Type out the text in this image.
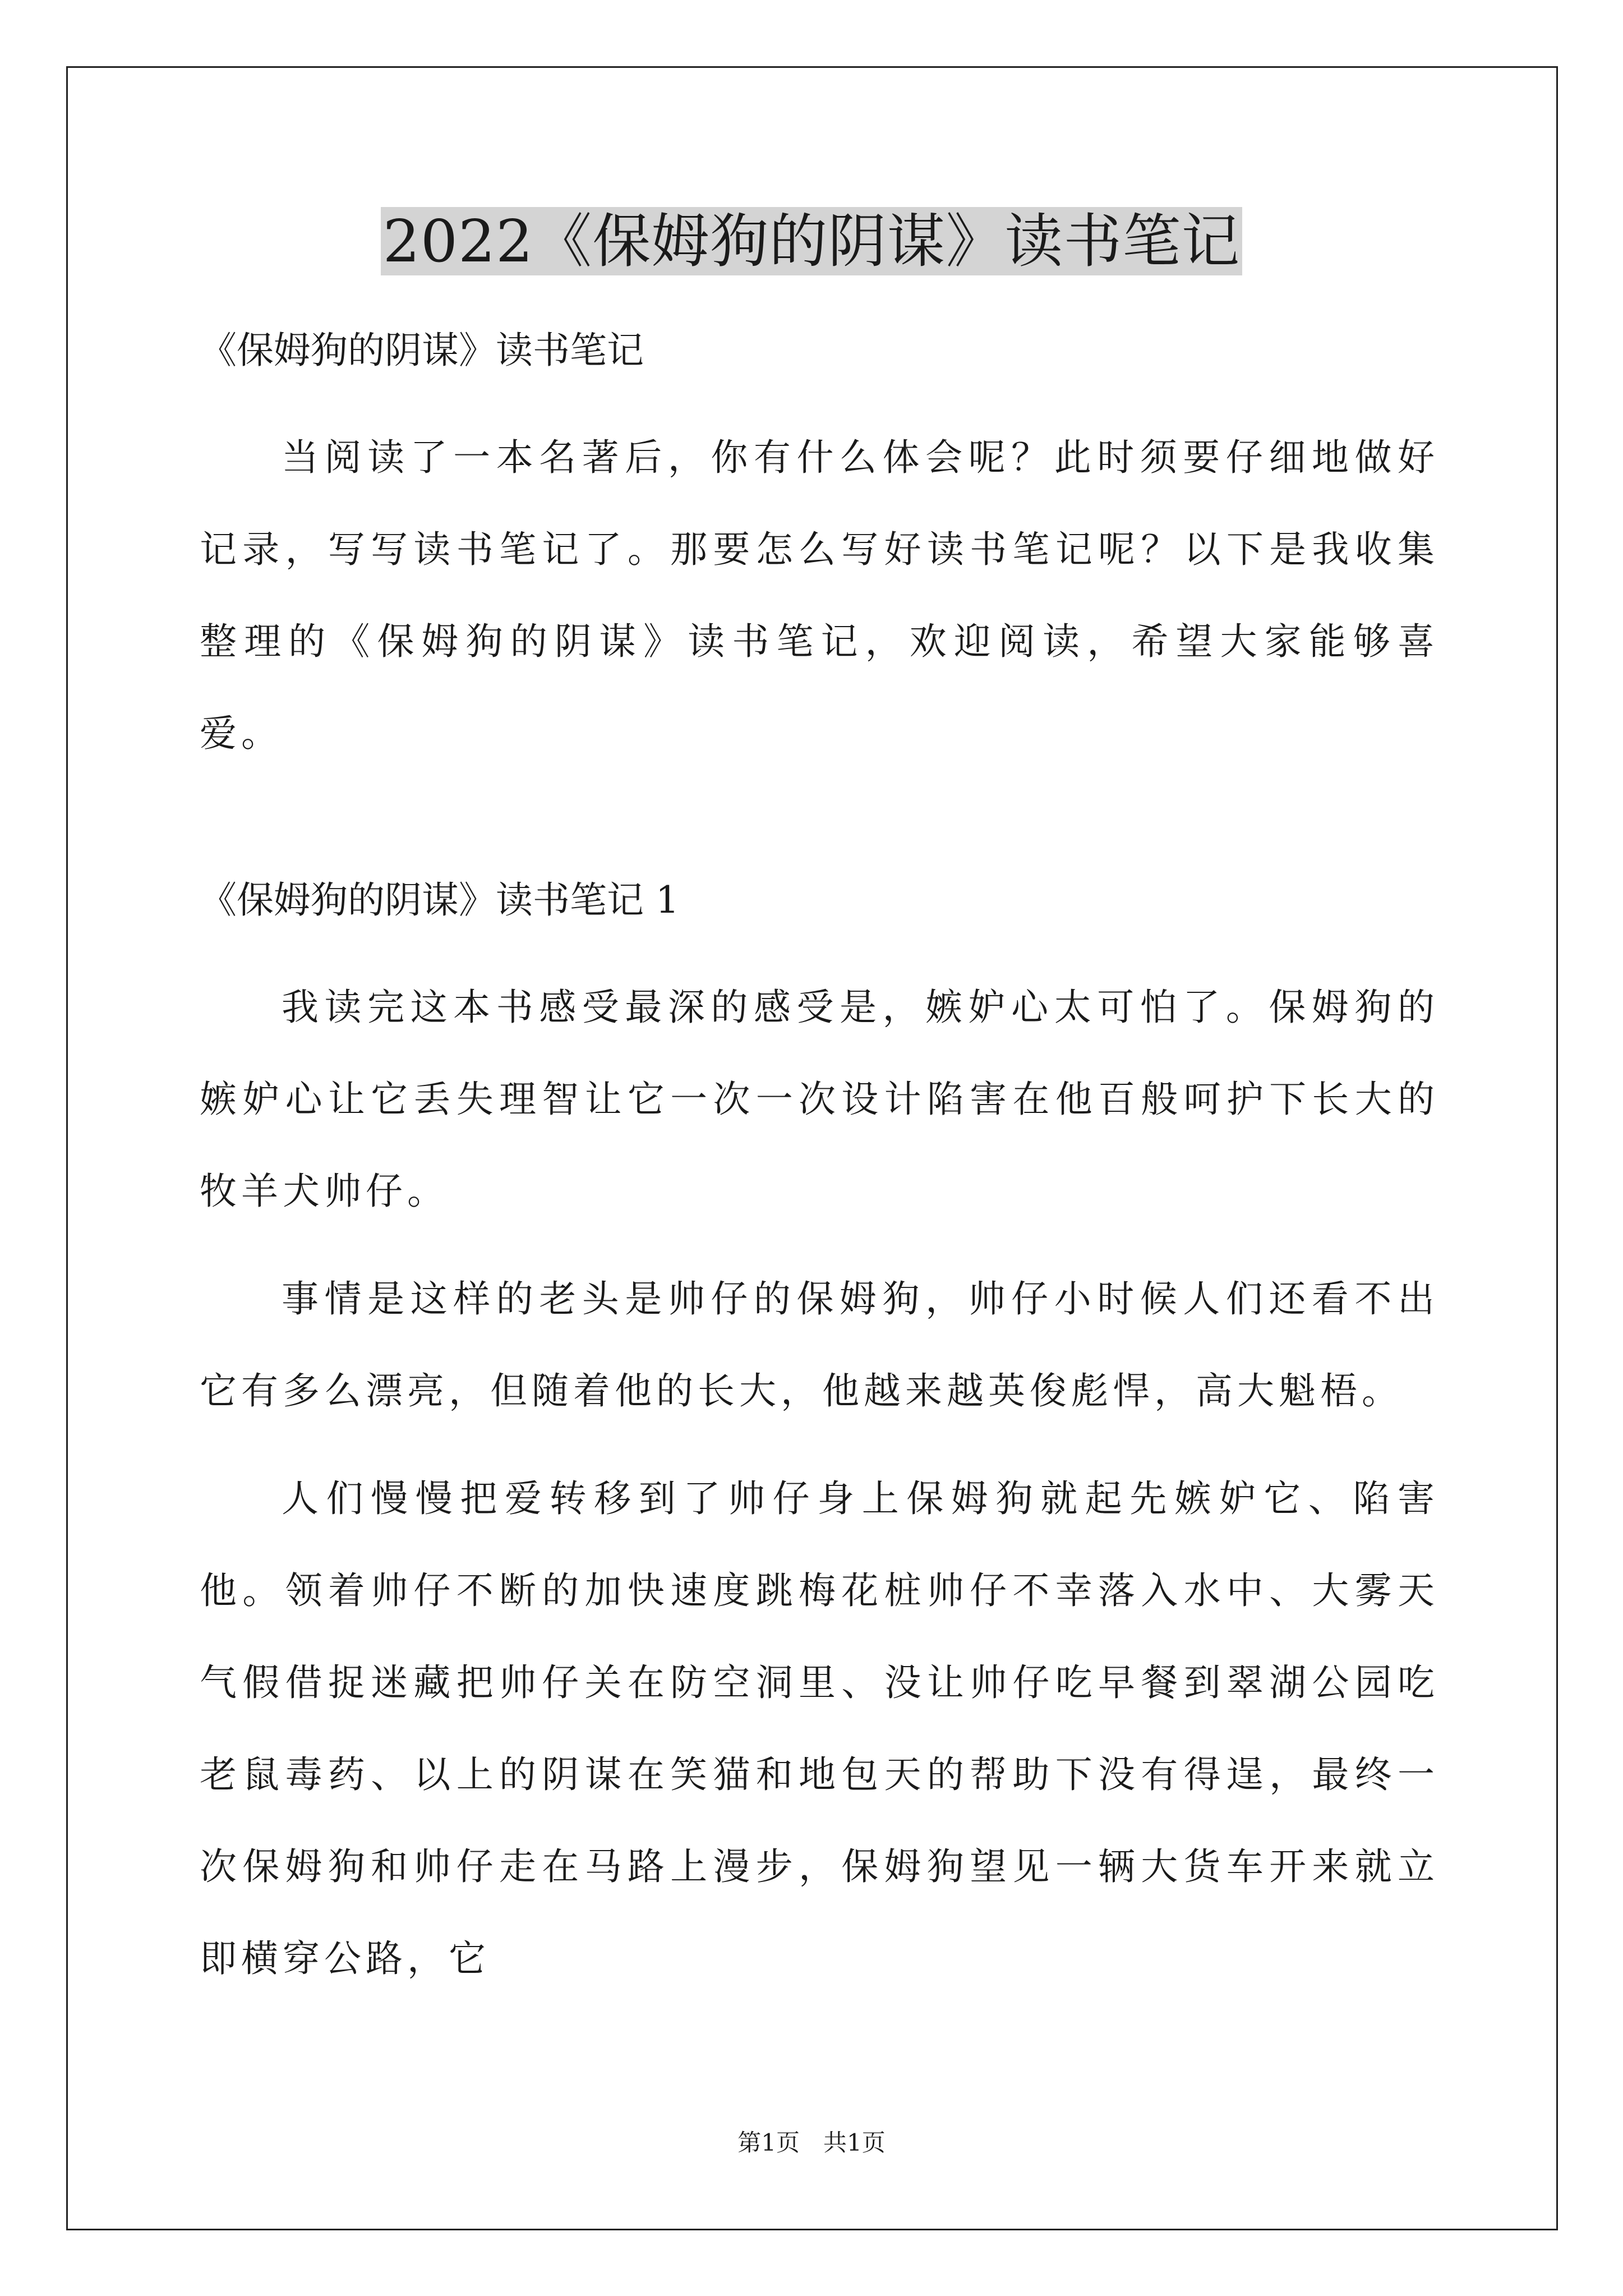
2022《保姆狗的阴谋》读书笔记

《保姆狗的阴谋》读书笔记

当阅读了一本名著后，你有什么体会呢？此时须要仔细地做好记录，写写读书笔记了。那要怎么写好读书笔记呢？以下是我收集整理的《保姆狗的阴谋》读书笔记，欢迎阅读，希望大家能够喜爱。

《保姆狗的阴谋》读书笔记 1

我读完这本书感受最深的感受是，嫉妒心太可怕了。保姆狗的嫉妒心让它丢失理智让它一次一次设计陷害在他百般呵护下长大的牧羊犬帅仔。

事情是这样的老头是帅仔的保姆狗，帅仔小时候人们还看不出它有多么漂亮，但随着他的长大，他越来越英俊彪悍，高大魁梧。

人们慢慢把爱转移到了帅仔身上保姆狗就起先嫉妒它、陷害他。领着帅仔不断的加快速度跳梅花桩帅仔不幸落入水中、大雾天气假借捉迷藏把帅仔关在防空洞里、没让帅仔吃早餐到翠湖公园吃老鼠毒药、以上的阴谋在笑猫和地包天的帮助下没有得逞，最终一次保姆狗和帅仔走在马路上漫步，保姆狗望见一辆大货车开来就立即横穿公路，它

第1页　共1页
